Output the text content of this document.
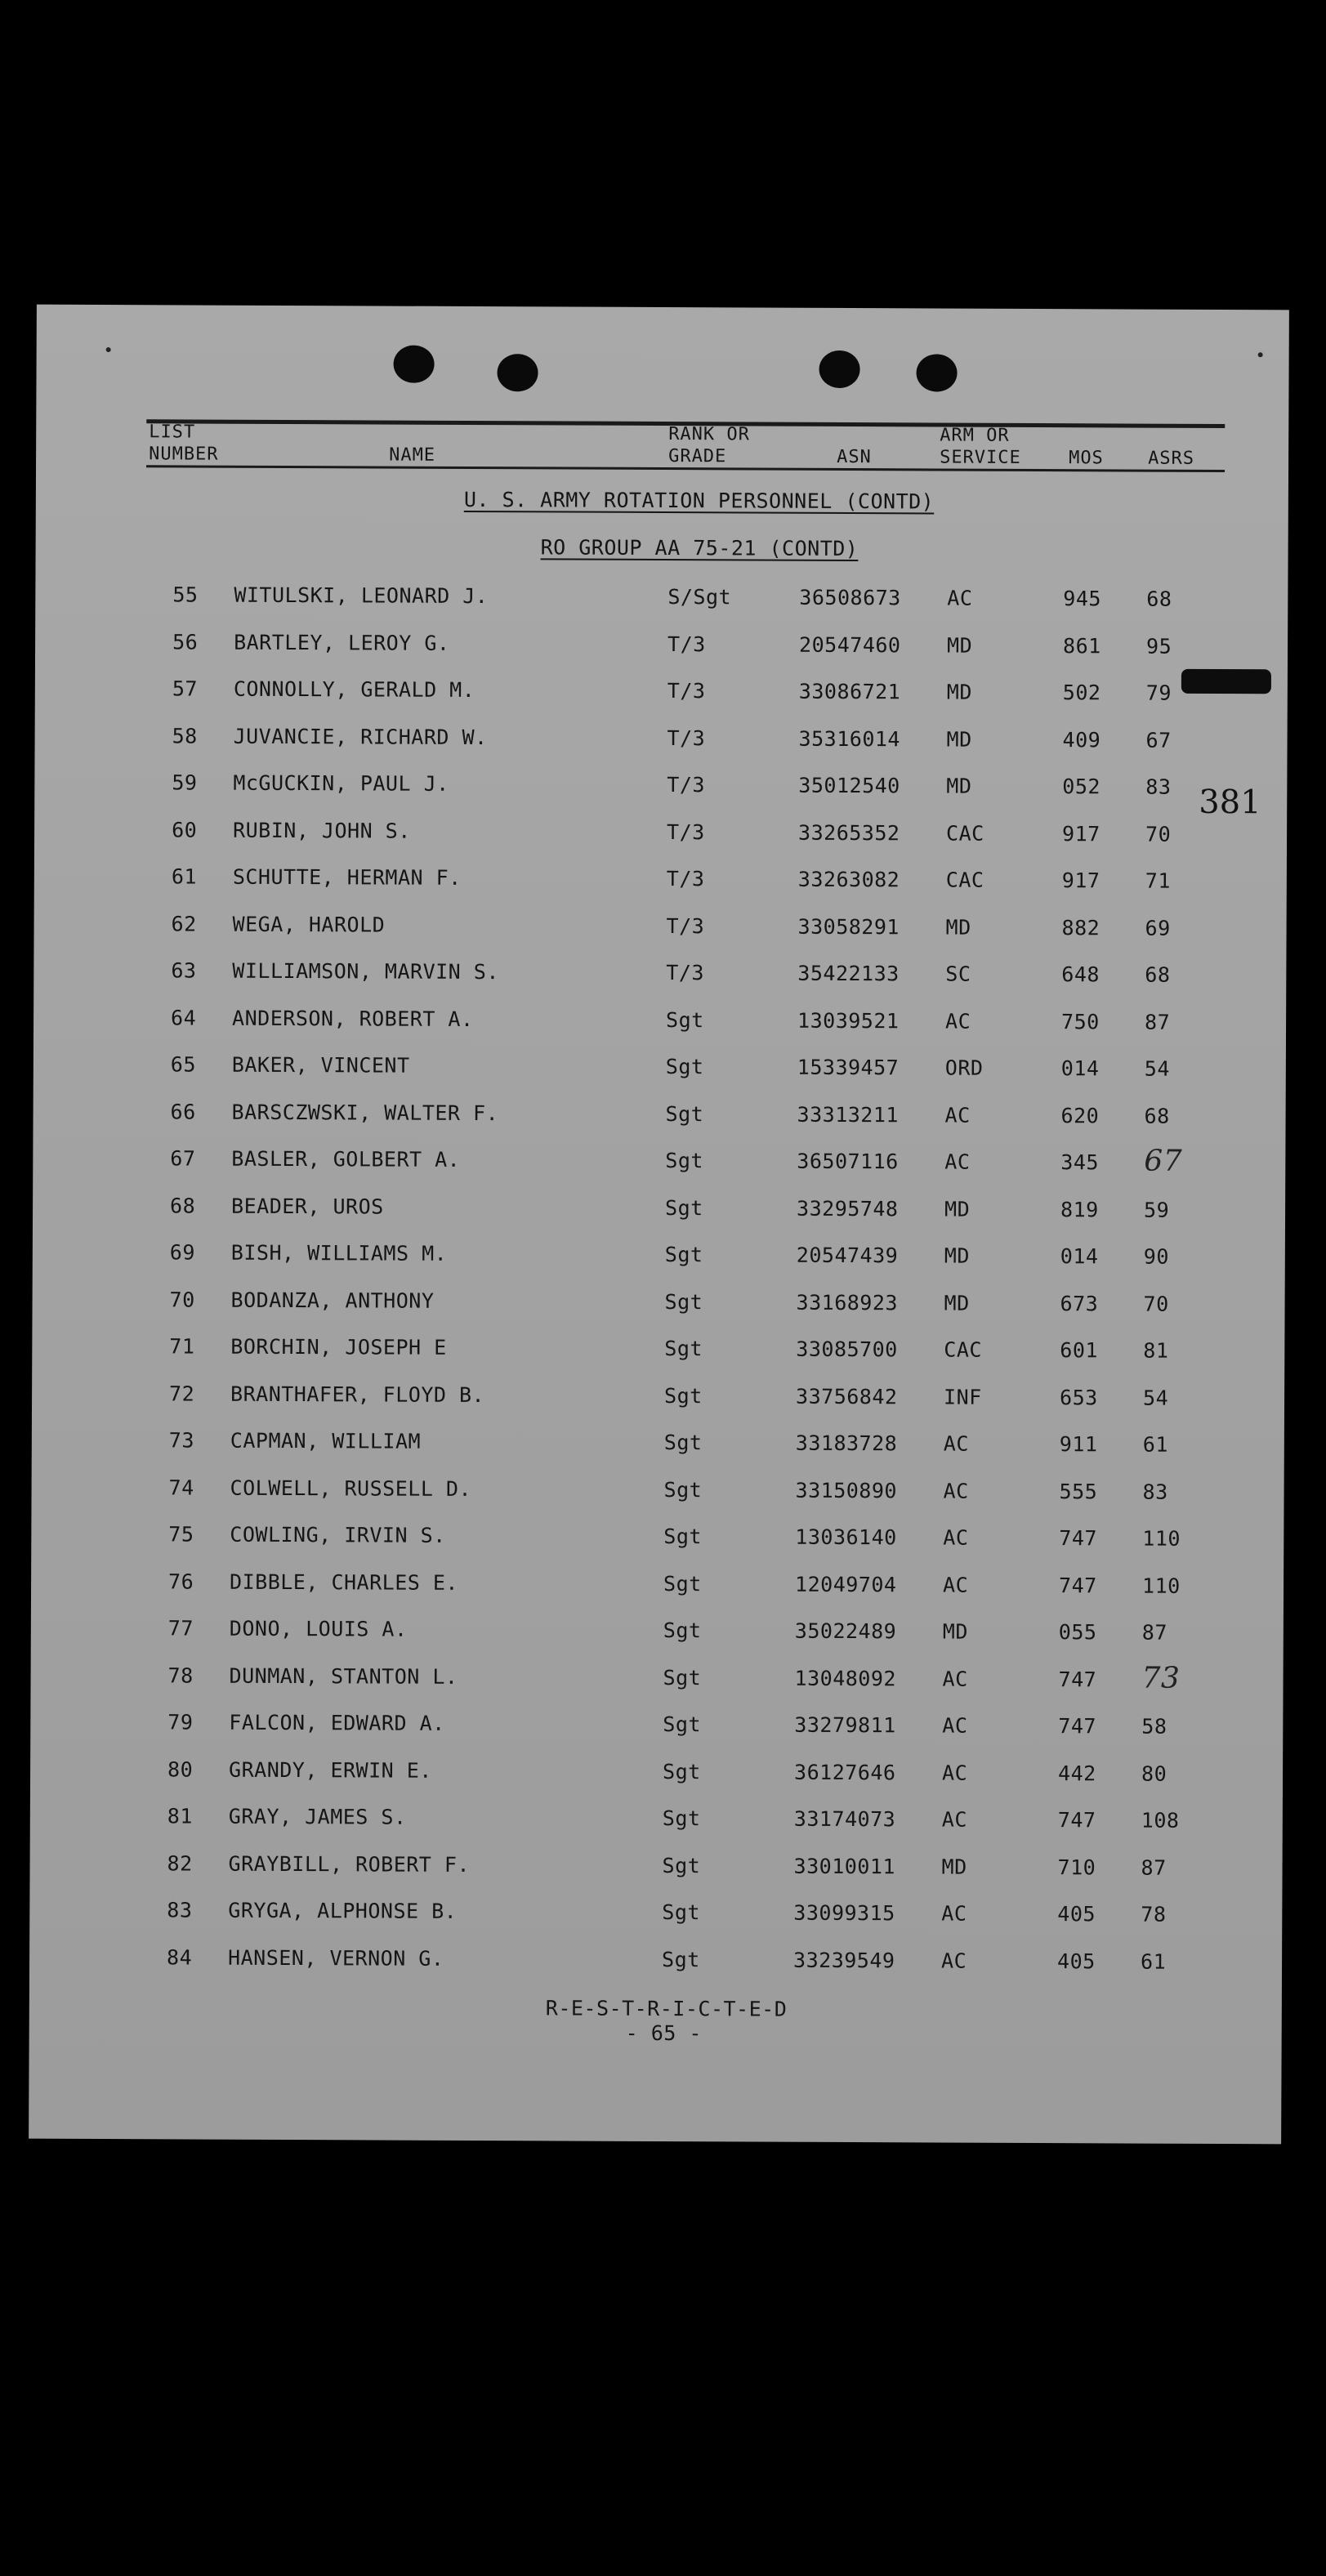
LIST
NUMBER	NAME
RANK OR
GRADE	ASN
ARM OR
SERVICE	MOS ASRS
U. S. ARMY ROTATION PERSONNEL (CONTD)
RO GROUP AA 75-21 (CONTD)
55 WITULSKI, LEONARD J.	S/Sgt	36508673 AC	945 68
56 BARTLEY, LEROY G.	T/3	20547460 MD	861 95
57 CONNOLLY, GERALD M.	T/3	33086721 MD	502 79
58 JUVANCIE, RICHARD W.	T/3	35316014 MD	409 67
59 McGUCKIN, PAUL J.	T/3	35012540 MD	052 83
60 RUBIN, JOHN S.	T/3	33265352 CAC	917 70
61 SCHUTTE, HERMAN F.	T/3	33263082 CAC	917 71
62 WEGA, HAROLD	T/3	33058291 MD	882 69
63 WILLIAMSON, MARVIN S.	T/3	35422133 SC	648 68
64 ANDERSON, ROBERT A.	Sgt	13039521 AC	750 87
65 BAKER, VINCENT	Sgt	15339457 ORD	014 54
66 BARSCZWSKI, WALTER F.	Sgt	33313211 AC	620 68
67 BASLER, GOLBERT A.	Sgt	36507116 AC	345 67
68 BEADER, UROS	Sgt	33295748 MD	819 59
69 BISH, WILLIAMS M.	Sgt	20547439 MD	014 90
70 BODANZA, ANTHONY	Sgt	33168923 MD	673 70
71 BORCHIN, JOSEPH E	Sgt	33085700 CAC	601 81
72 BRANTHAFER, FLOYD B.	Sgt	33756842 INF	653 54
73 CAPMAN, WILLIAM	Sgt	33183728 AC	911 61
74 COLWELL, RUSSELL D.	Sgt	33150890 AC	555 83
75 COWLING, IRVIN S.	Sgt	13036140 AC	747 110
76 DIBBLE, CHARLES E.	Sgt	12049704 AC	747 110
77 DONO, LOUIS A.	Sgt	35022489 MD	055 87
78 DUNMAN, STANTON L.	Sgt	13048092 AC	747 73
79 FALCON, EDWARD A.	Sgt	33279811 AC	747 58
80 GRANDY, ERWIN E.	Sgt	36127646 AC	442 80
81 GRAY, JAMES S.	Sgt	33174073 AC	747 108
82 GRAYBILL, ROBERT F.	Sgt	33010011 MD	710 87
83 GRYGA, ALPHONSE B.	Sgt	33099315 AC	405 78
84 HANSEN, VERNON G.	Sgt	33239549 AC	405 61
381
R-E-S-T-R-I-C-T-E-D
- 65 -
